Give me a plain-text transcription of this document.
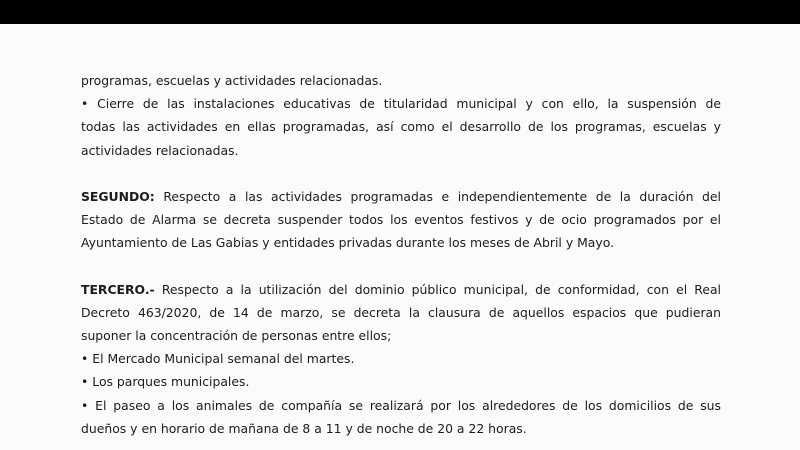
programas, escuelas y actividades relacionadas.
• Cierre de las instalaciones educativas de titularidad municipal y con ello, la suspensión de
todas las actividades en ellas programadas, así como el desarrollo de los programas, escuelas y
actividades relacionadas.
SEGUNDO: Respecto a las actividades programadas e independientemente de la duración del
Estado de Alarma se decreta suspender todos los eventos festivos y de ocio programados por el
Ayuntamiento de Las Gabias y entidades privadas durante los meses de Abril y Mayo.
TERCERO.- Respecto a la utilización del dominio público municipal, de conformidad, con el Real
Decreto 463/2020, de 14 de marzo, se decreta la clausura de aquellos espacios que pudieran
suponer la concentración de personas entre ellos;
• El Mercado Municipal semanal del martes.
• Los parques municipales.
• El paseo a los animales de compañía se realizará por los alrededores de los domicilios de sus
dueños y en horario de mañana de 8 a 11 y de noche de 20 a 22 horas.
